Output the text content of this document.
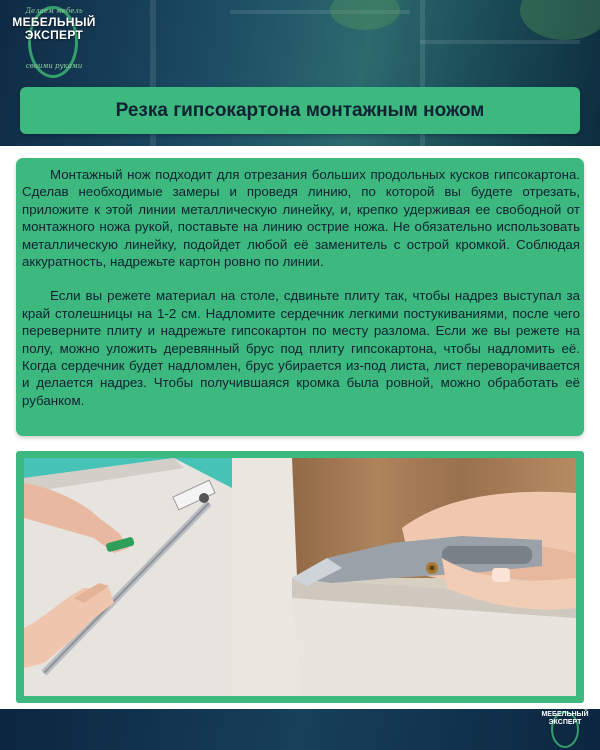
Делаем мебель
МЕБЕЛЬНЫЙ
ЭКСПЕРТ
своими руками
Резка гипсокартона монтажным ножом

Монтажный нож подходит для отрезания больших продольных кусков гипсокартона. Сделав необходимые замеры и проведя линию, по которой вы будете отрезать, приложите к этой линии металлическую линейку, и, крепко удерживая ее свободной от монтажного ножа рукой, поставьте на линию острие ножа. Не обязательно использовать металлическую линейку, подойдет любой её заменитель с острой кромкой. Соблюдая аккуратность, надрежьте картон ровно по линии.

Если вы режете материал на столе, сдвиньте плиту так, чтобы надрез выступал за край столешницы на 1-2 см. Надломите сердечник легкими постукиваниями, после чего переверните плиту и надрежьте гипсокартон по месту разлома. Если же вы режете на полу, можно уложить деревянный брус под плиту гипсокартона, чтобы надломить её. Когда сердечник будет надломлен, брус убирается из-под листа, лист переворачивается и делается надрез. Чтобы получившаяся кромка была ровной, можно обработать её рубанком.

МЕБЕЛЬНЫЙ
ЭКСПЕРТ
